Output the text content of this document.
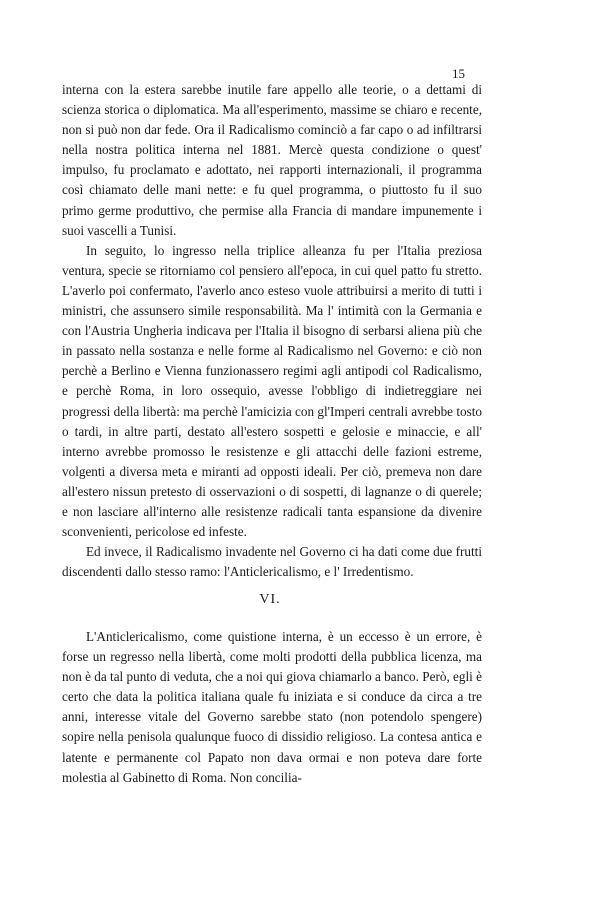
15

interna con la estera sarebbe inutile fare appello alle teorie, o a dettami di scienza storica o diplomatica. Ma all'esperimento, massime se chiaro e recente, non si può non dar fede. Ora il Radicalismo cominciò a far capo o ad infiltrarsi nella nostra politica interna nel 1881. Mercè questa condizione o quest' impulso, fu proclamato e adottato, nei rapporti internazionali, il programma così chiamato delle mani nette: e fu quel programma, o piuttosto fu il suo primo germe produttivo, che permise alla Francia di mandare impunemente i suoi vascelli a Tunisi.

In seguito, lo ingresso nella triplice alleanza fu per l'Italia preziosa ventura, specie se ritorniamo col pensiero all'epoca, in cui quel patto fu stretto. L'averlo poi confermato, l'averlo anco esteso vuole attribuirsi a merito di tutti i ministri, che assunsero simile responsabilità. Ma l' intimità con la Germania e con l'Austria Ungheria indicava per l'Italia il bisogno di serbarsi aliena più che in passato nella sostanza e nelle forme al Radicalismo nel Governo: e ciò non perchè a Berlino e Vienna funzionassero regimi agli antipodi col Radicalismo, e perchè Roma, in loro ossequio, avesse l'obbligo di indietreggiare nei progressi della libertà: ma perchè l'amicizia con gl'Imperi centrali avrebbe tosto o tardi, in altre parti, destato all'estero sospetti e gelosie e minaccie, e all' interno avrebbe promosso le resistenze e gli attacchi delle fazioni estreme, volgenti a diversa meta e miranti ad opposti ideali. Per ciò, premeva non dare all'estero nissun pretesto di osservazioni o di sospetti, di lagnanze o di querele; e non lasciare all'interno alle resistenze radicali tanta espansione da divenire sconvenienti, pericolose ed infeste.

Ed invece, il Radicalismo invadente nel Governo ci ha dati come due frutti discendenti dallo stesso ramo: l'Anticlericalismo, e l' Irredentismo.

VI.

L'Anticlericalismo, come quistione interna, è un eccesso è un errore, è forse un regresso nella libertà, come molti prodotti della pubblica licenza, ma non è da tal punto di veduta, che a noi qui giova chiamarlo a banco. Però, egli è certo che data la politica italiana quale fu iniziata e si conduce da circa a tre anni, interesse vitale del Governo sarebbe stato (non potendolo spengere) sopire nella penisola qualunque fuoco di dissidio religioso. La contesa antica e latente e permanente col Papato non dava ormai e non poteva dare forte molestia al Gabinetto di Roma. Non concilia-
